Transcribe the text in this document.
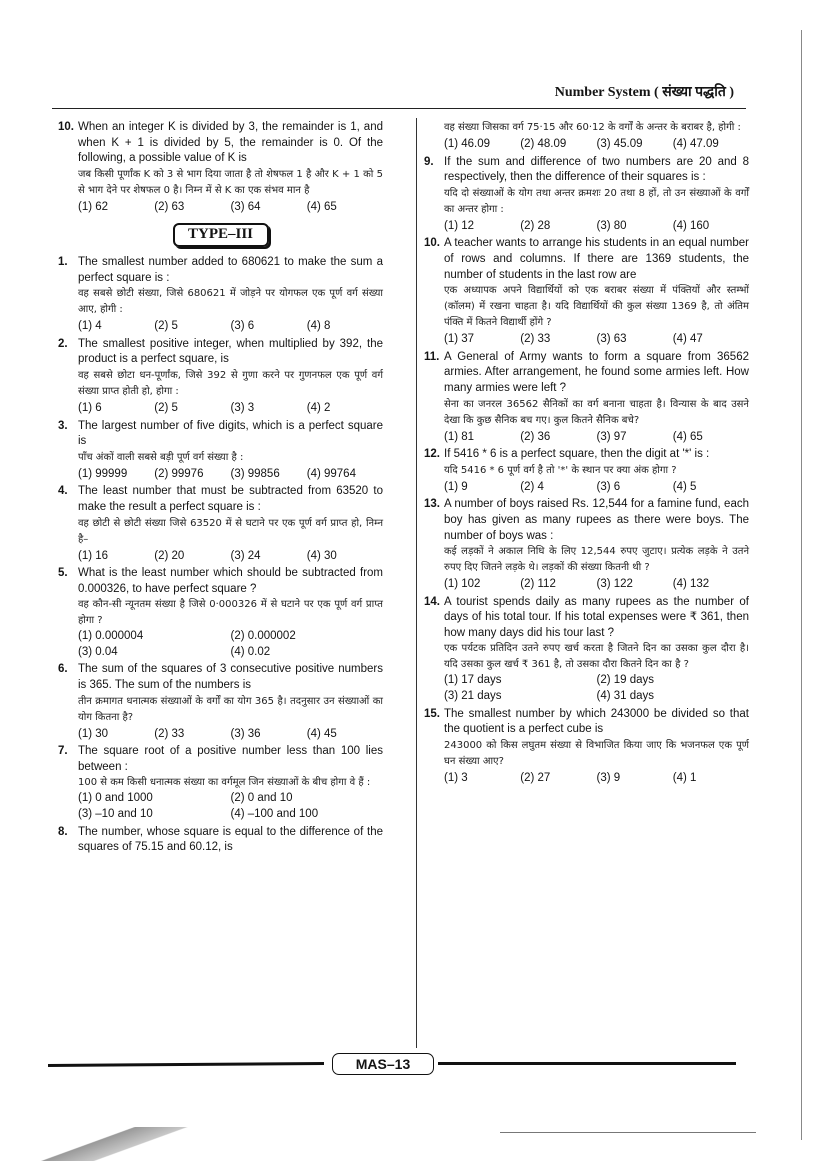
Number System ( संख्या पद्धति )
10. When an integer K is divided by 3, the remainder is 1, and when K + 1 is divided by 5, the remainder is 0. Of the following, a possible value of K is
जब किसी पूर्णांक K को 3 से भाग दिया जाता है तो शेषफल 1 है और K + 1 को 5 से भाग देने पर शेषफल 0 है। निम्न में से K का एक संभव मान है
(1) 62	(2) 63	(3) 64	(4) 65
TYPE–III
1. The smallest number added to 680621 to make the sum a perfect square is :
वह सबसे छोटी संख्या, जिसे 680621 में जोड़ने पर योगफल एक पूर्ण वर्ग संख्या आए, होगी :
(1) 4	(2) 5	(3) 6	(4) 8
2. The smallest positive integer, when multiplied by 392, the product is a perfect square, is
वह सबसे छोटा धन-पूर्णांक, जिसे 392 से गुणा करने पर गुणनफल एक पूर्ण वर्ग संख्या प्राप्त होती हो, होगा :
(1) 6	(2) 5	(3) 3	(4) 2
3. The largest number of five digits, which is a perfect square is
पाँच अंकों वाली सबसे बड़ी पूर्ण वर्ग संख्या है :
(1) 99999	(2) 99976	(3) 99856	(4) 99764
4. The least number that must be subtracted from 63520 to make the result a perfect square is :
वह छोटी से छोटी संख्या जिसे 63520 में से घटाने पर एक पूर्ण वर्ग प्राप्त हो, निम्न है–
(1) 16	(2) 20	(3) 24	(4) 30
5. What is the least number which should be subtracted from 0.000326, to have perfect square ?
वह कौन-सी न्यूनतम संख्या है जिसे 0·000326 में से घटाने पर एक पूर्ण वर्ग प्राप्त होगा ?
(1) 0.000004	(2) 0.000002
(3) 0.04	(4) 0.02
6. The sum of the squares of 3 consecutive positive numbers is 365. The sum of the numbers is
तीन क्रमागत धनात्मक संख्याओं के वर्गों का योग 365 है। तदनुसार उन संख्याओं का योग कितना है?
(1) 30	(2) 33	(3) 36	(4) 45
7. The square root of a positive number less than 100 lies between :
100 से कम किसी धनात्मक संख्या का वर्गमूल जिन संख्याओं के बीच होगा वे हैं :
(1) 0 and 1000	(2) 0 and 10
(3) –10 and 10	(4) –100 and 100
8. The number, whose square is equal to the difference of the squares of 75.15 and 60.12, is
वह संख्या जिसका वर्ग 75·15 और 60·12 के वर्गों के अन्तर के बराबर है, होगी :
(1) 46.09	(2) 48.09	(3) 45.09	(4) 47.09
9. If the sum and difference of two numbers are 20 and 8 respectively, then the difference of their squares is :
यदि दो संख्याओं के योग तथा अन्तर क्रमशः 20 तथा 8 हों, तो उन संख्याओं के वर्गों का अन्तर होगा :
(1) 12	(2) 28	(3) 80	(4) 160
10. A teacher wants to arrange his students in an equal number of rows and columns. If there are 1369 students, the number of students in the last row are
एक अध्यापक अपने विद्यार्थियों को एक बराबर संख्या में पंक्तियों और स्तम्भों (कॉलम) में रखना चाहता है। यदि विद्यार्थियों की कुल संख्या 1369 है, तो अंतिम पंक्ति में कितने विद्यार्थी होंगे ?
(1) 37	(2) 33	(3) 63	(4) 47
11. A General of Army wants to form a square from 36562 armies. After arrangement, he found some armies left. How many armies were left ?
सेना का जनरल 36562 सैनिकों का वर्ग बनाना चाहता है। विन्यास के बाद उसने देखा कि कुछ सैनिक बच गए। कुल कितने सैनिक बचे?
(1) 81	(2) 36	(3) 97	(4) 65
12. If 5416 * 6 is a perfect square, then the digit at '*' is :
यदि 5416 * 6 पूर्ण वर्ग है तो '*' के स्थान पर क्या अंक होगा ?
(1) 9	(2) 4	(3) 6	(4) 5
13. A number of boys raised Rs. 12,544 for a famine fund, each boy has given as many rupees as there were boys. The number of boys was :
कई लड़कों ने अकाल निधि के लिए 12,544 रुपए जुटाए। प्रत्येक लड़के ने उतने रुपए दिए जितने लड़के थे। लड़कों की संख्या कितनी थी ?
(1) 102	(2) 112	(3) 122	(4) 132
14. A tourist spends daily as many rupees as the number of days of his total tour. If his total expenses were ₹ 361, then how many days did his tour last ?
एक पर्यटक प्रतिदिन उतने रुपए खर्च करता है जितने दिन का उसका कुल दौरा है। यदि उसका कुल खर्च ₹ 361 है, तो उसका दौरा कितने दिन का है ?
(1) 17 days	(2) 19 days
(3) 21 days	(4) 31 days
15. The smallest number by which 243000 be divided so that the quotient is a perfect cube is
243000 को किस लघुतम संख्या से विभाजित किया जाए कि भजनफल एक पूर्ण घन संख्या आए?
(1) 3	(2) 27	(3) 9	(4) 1
MAS–13
